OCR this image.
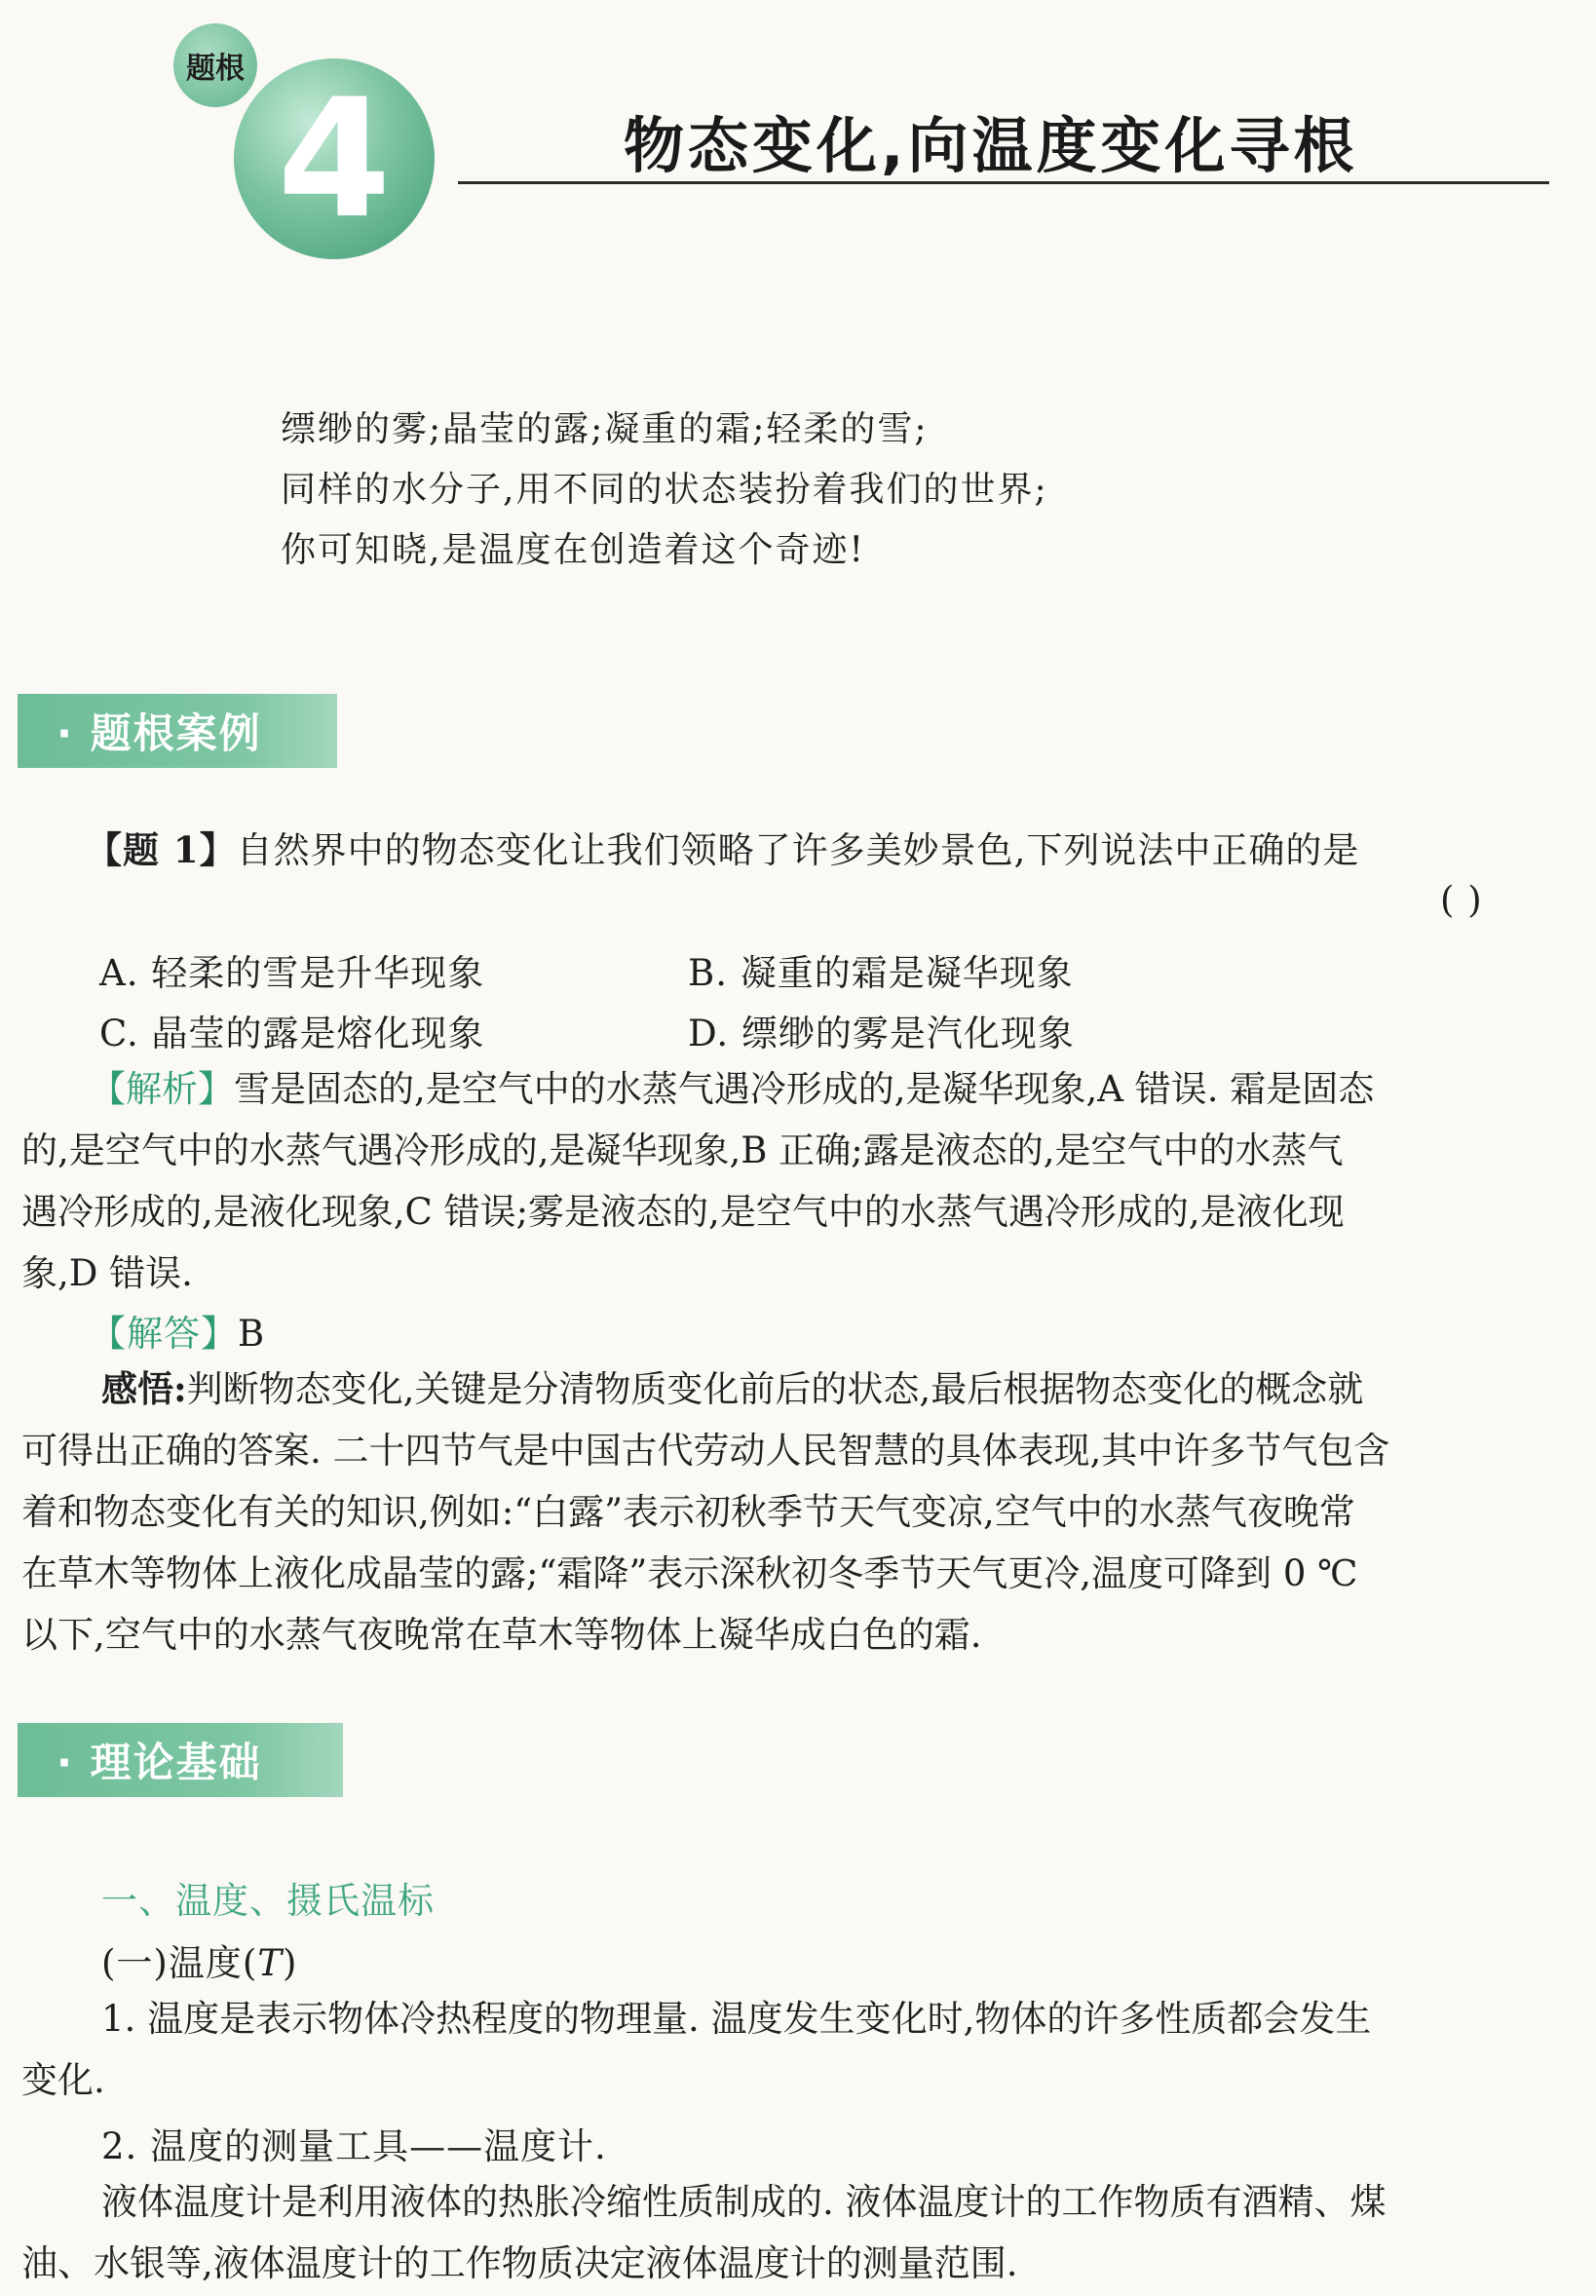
4
题根
物态变化,向温度变化寻根
缥缈的雾;晶莹的露;凝重的霜;轻柔的雪;
同样的水分子,用不同的状态装扮着我们的世界;
你可知晓,是温度在创造着这个奇迹!
· 题根案例
【题 1】自然界中的物态变化让我们领略了许多美妙景色,下列说法中正确的是
( )
A. 轻柔的雪是升华现象	B. 凝重的霜是凝华现象
C. 晶莹的露是熔化现象	D. 缥缈的雾是汽化现象
【解析】雪是固态的,是空气中的水蒸气遇冷形成的,是凝华现象,A 错误. 霜是固态
的,是空气中的水蒸气遇冷形成的,是凝华现象,B 正确;露是液态的,是空气中的水蒸气
遇冷形成的,是液化现象,C 错误;雾是液态的,是空气中的水蒸气遇冷形成的,是液化现
象,D 错误.
【解答】B
感悟:判断物态变化,关键是分清物质变化前后的状态,最后根据物态变化的概念就
可得出正确的答案. 二十四节气是中国古代劳动人民智慧的具体表现,其中许多节气包含
着和物态变化有关的知识,例如:“白露”表示初秋季节天气变凉,空气中的水蒸气夜晚常
在草木等物体上液化成晶莹的露;“霜降”表示深秋初冬季节天气更冷,温度可降到 0 ℃
以下,空气中的水蒸气夜晚常在草木等物体上凝华成白色的霜.
· 理论基础
一、温度、摄氏温标
(一)温度(T)
1. 温度是表示物体冷热程度的物理量. 温度发生变化时,物体的许多性质都会发生
变化.
2. 温度的测量工具——温度计.
液体温度计是利用液体的热胀冷缩性质制成的. 液体温度计的工作物质有酒精、煤
油、水银等,液体温度计的工作物质决定液体温度计的测量范围.
